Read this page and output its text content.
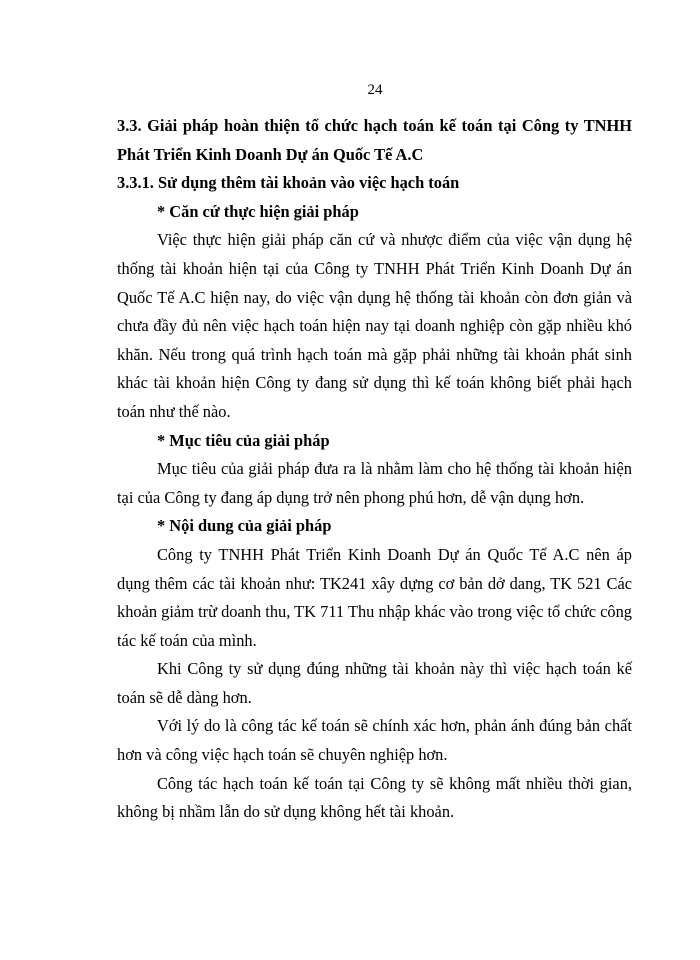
24

3.3. Giải pháp hoàn thiện tổ chức hạch toán kế toán tại Công ty TNHH

Phát Triển Kinh Doanh Dự án Quốc Tế A.C

3.3.1. Sử dụng thêm tài khoản vào việc hạch toán

* Căn cứ thực hiện giải pháp

Việc thực hiện giải pháp căn cứ và nhược điểm của việc vận dụng hệ thống tài khoản hiện tại của Công ty TNHH Phát Triển Kinh Doanh Dự án Quốc Tế A.C hiện nay, do việc vận dụng hệ thống tài khoản còn đơn giản và chưa đầy đủ nên việc hạch toán hiện nay tại doanh nghiệp còn gặp nhiều khó khăn. Nếu trong quá trình hạch toán mà gặp phải những tài khoản phát sinh khác tài khoản hiện Công ty đang sử dụng thì kế toán không biết phải hạch toán như thế nào.

* Mục tiêu của giải pháp

Mục tiêu của giải pháp đưa ra là nhằm làm cho hệ thống tài khoản hiện tại của Công ty đang áp dụng trở nên phong phú hơn, dễ vận dụng hơn.

* Nội dung của giải pháp

Công ty TNHH Phát Triển Kinh Doanh Dự án Quốc Tế A.C nên áp dụng thêm các tài khoản như: TK241 xây dựng cơ bản dở dang, TK 521 Các khoản giảm trừ doanh thu, TK 711 Thu nhập khác vào trong việc tổ chức công tác kế toán của mình.

Khi Công ty sử dụng đúng những tài khoản này thì việc hạch toán kế toán sẽ dễ dàng hơn.

Với lý do là công tác kế toán sẽ chính xác hơn, phản ánh đúng bản chất hơn và công việc hạch toán sẽ chuyên nghiệp hơn.

Công tác hạch toán kế toán tại Công ty sẽ không mất nhiều thời gian, không bị nhầm lẫn do sử dụng không hết tài khoản.
